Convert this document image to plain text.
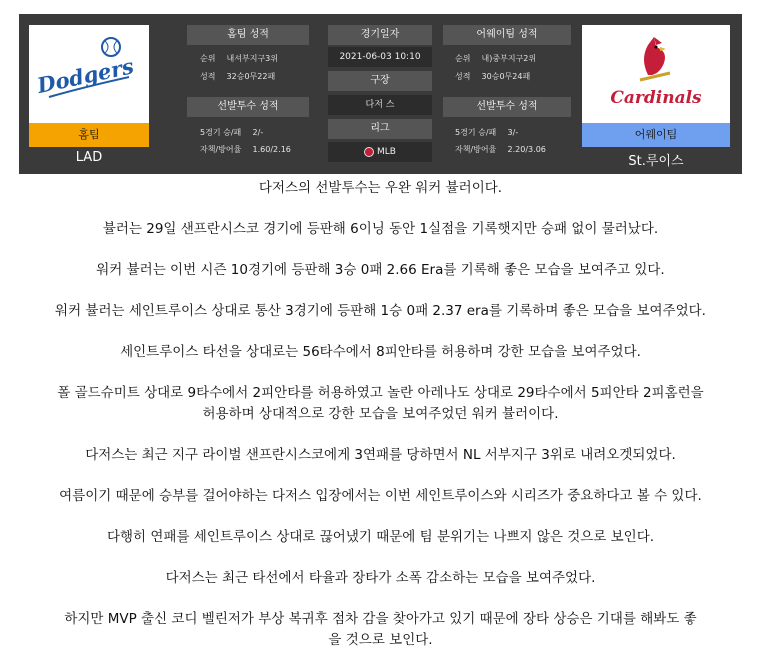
Dodgers
홈팀
LAD
홈팀 성적
순위 내셔부지구3위
성적 32승0무22패
선발투수 성적
5경기 승/패 2/-
자책/방어율 1.60/2.16
경기일자
2021-06-03 10:10
구장
다저 스
리그
MLB
어웨이팀 성적
순위 내)중부지구2위
성적 30승0무24패
선발투수 성적
5경기 승/패 3/-
자책/방어율 2.20/3.06
Cardinals
어웨이팀
St.루이스

다저스의 선발투수는 우완 워커 뷸러이다.

뷸러는 29일 샌프란시스코 경기에 등판해 6이닝 동안 1실점을 기록햇지만 승패 없이 물러났다.

워커 뷸러는 이번 시즌 10경기에 등판해 3승 0패 2.66 Era를 기록해 좋은 모습을 보여주고 있다.

워커 뷸러는 세인트루이스 상대로 통산 3경기에 등판해 1승 0패 2.37 era를 기록하며 좋은 모습을 보여주었다.

세인트루이스 타선을 상대로는 56타수에서 8피안타를 허용하며 강한 모습을 보여주었다.

폴 골드슈미트 상대로 9타수에서 2피안타를 허용하였고 놀란 아레나도 상대로 29타수에서 5피안타 2피홈런을

허용하며 상대적으로 강한 모습을 보여주었던 워커 뷸러이다.

다저스는 최근 지구 라이벌 샌프란시스코에게 3연패를 당하면서 NL 서부지구 3위로 내려오겟되었다.

여름이기 때문에 승부를 걸어야하는 다저스 입장에서는 이번 세인트루이스와 시리즈가 중요하다고 볼 수 있다.

다행히 연패를 세인트루이스 상대로 끊어냈기 때문에 팀 분위기는 나쁘지 않은 것으로 보인다.

다저스는 최근 타선에서 타율과 장타가 소폭 감소하는 모습을 보여주었다.

하지만 MVP 출신 코디 벨린저가 부상 복귀후 점차 감을 찾아가고 있기 때문에 장타 상승은 기대를 해봐도 좋

을 것으로 보인다.
